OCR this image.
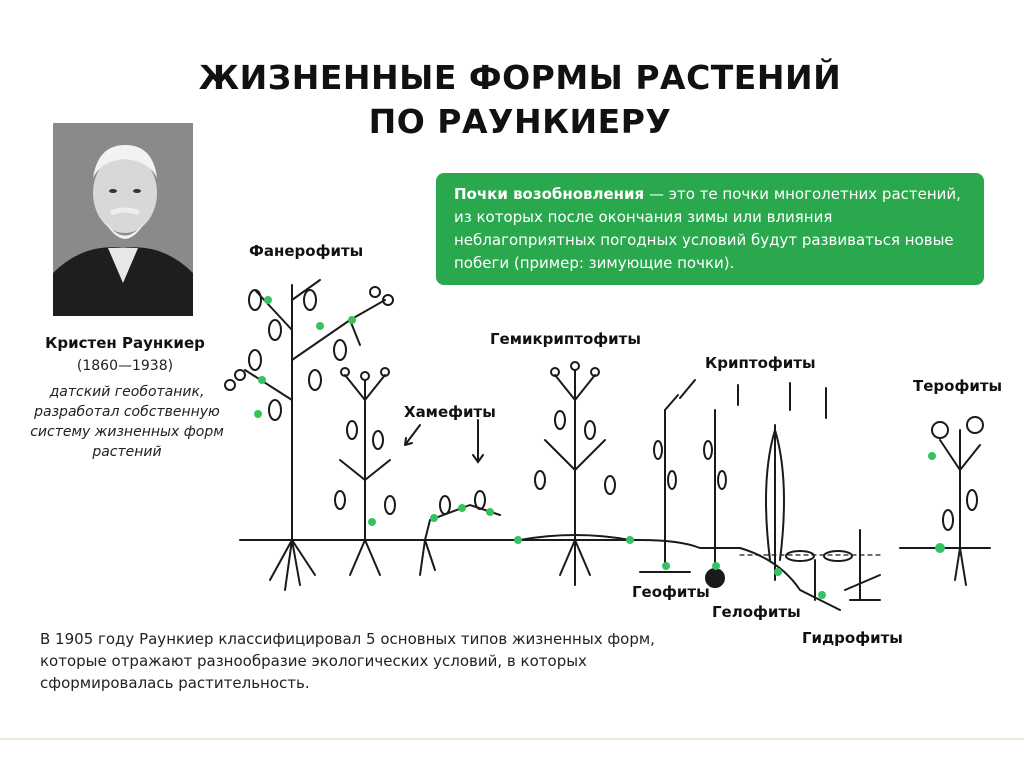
ЖИЗНЕННЫЕ ФОРМЫ РАСТЕНИЙ
ПО РАУНКИЕРУ
Кристен Раункиер
(1860—1938)
датский геоботаник, разработал собственную систему жизненных форм растений
Почки возобновления — это те почки многолетних растений, из которых после окончания зимы или влияния неблагоприятных погодных условий будут развиваться новые побеги (пример: зимующие почки).
Фанерофиты
Хамефиты
Гемикриптофиты
Криптофиты
Терофиты
Геофиты
Гелофиты
Гидрофиты
В 1905 году Раункиер классифицировал 5 основных типов жизненных форм, которые отражают разнообразие экологических условий, в которых сформировалась растительность.
